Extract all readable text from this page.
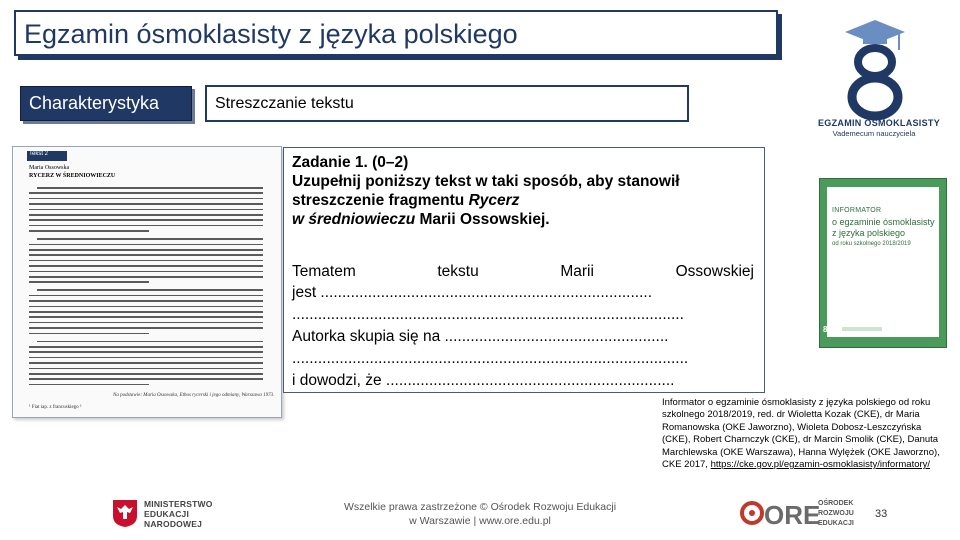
Egzamin ósmoklasisty z języka polskiego
EGZAMIN ÓSMOKLASISTY
Vademecum nauczyciela
Charakterystyka	Streszczanie tekstu
Tekst 2
Maria Ossowska
RYCERZ W ŚREDNIOWIECZU
Na podstawie: Maria Ossowska, Ethos rycerski i jego odmiany, Warszawa 1973.
¹ Fiat iap. z francuskiego ²
Zadanie 1. (0–2)
Uzupełnij poniższy tekst w taki sposób, aby stanowił
streszczenie fragmentu Rycerz
w średniowieczu Marii Ossowskiej.
Tematem	tekstu	Marii	Ossowskiej
jest .............................................................................
...........................................................................................
Autorka skupia się na ....................................................
............................................................................................
i dowodzi, że ...................................................................
INFORMATOR
o egzaminie ósmoklasisty
z języka polskiego
od roku szkolnego 2018/2019
8
Informator o egzaminie ósmoklasisty z języka polskiego od roku szkolnego 2018/2019, red. dr Wioletta Kozak (CKE), dr Maria Romanowska (OKE Jaworzno), Wioleta Dobosz-Leszczyńska (CKE), Robert Charnczyk (CKE), dr Marcin Smolik (CKE), Danuta Marchlewska (OKE Warszawa), Hanna Wylężek (OKE Jaworzno), CKE 2017, https://cke.gov.pl/egzamin-osmoklasisty/informatory/
MINISTERSTWO
EDUKACJI
NARODOWEJ
Wszelkie prawa zastrzeżone © Ośrodek Rozwoju Edukacji
w Warszawie | www.ore.edu.pl	ORE
OŚRODEK
ROZWOJU
EDUKACJI
33
